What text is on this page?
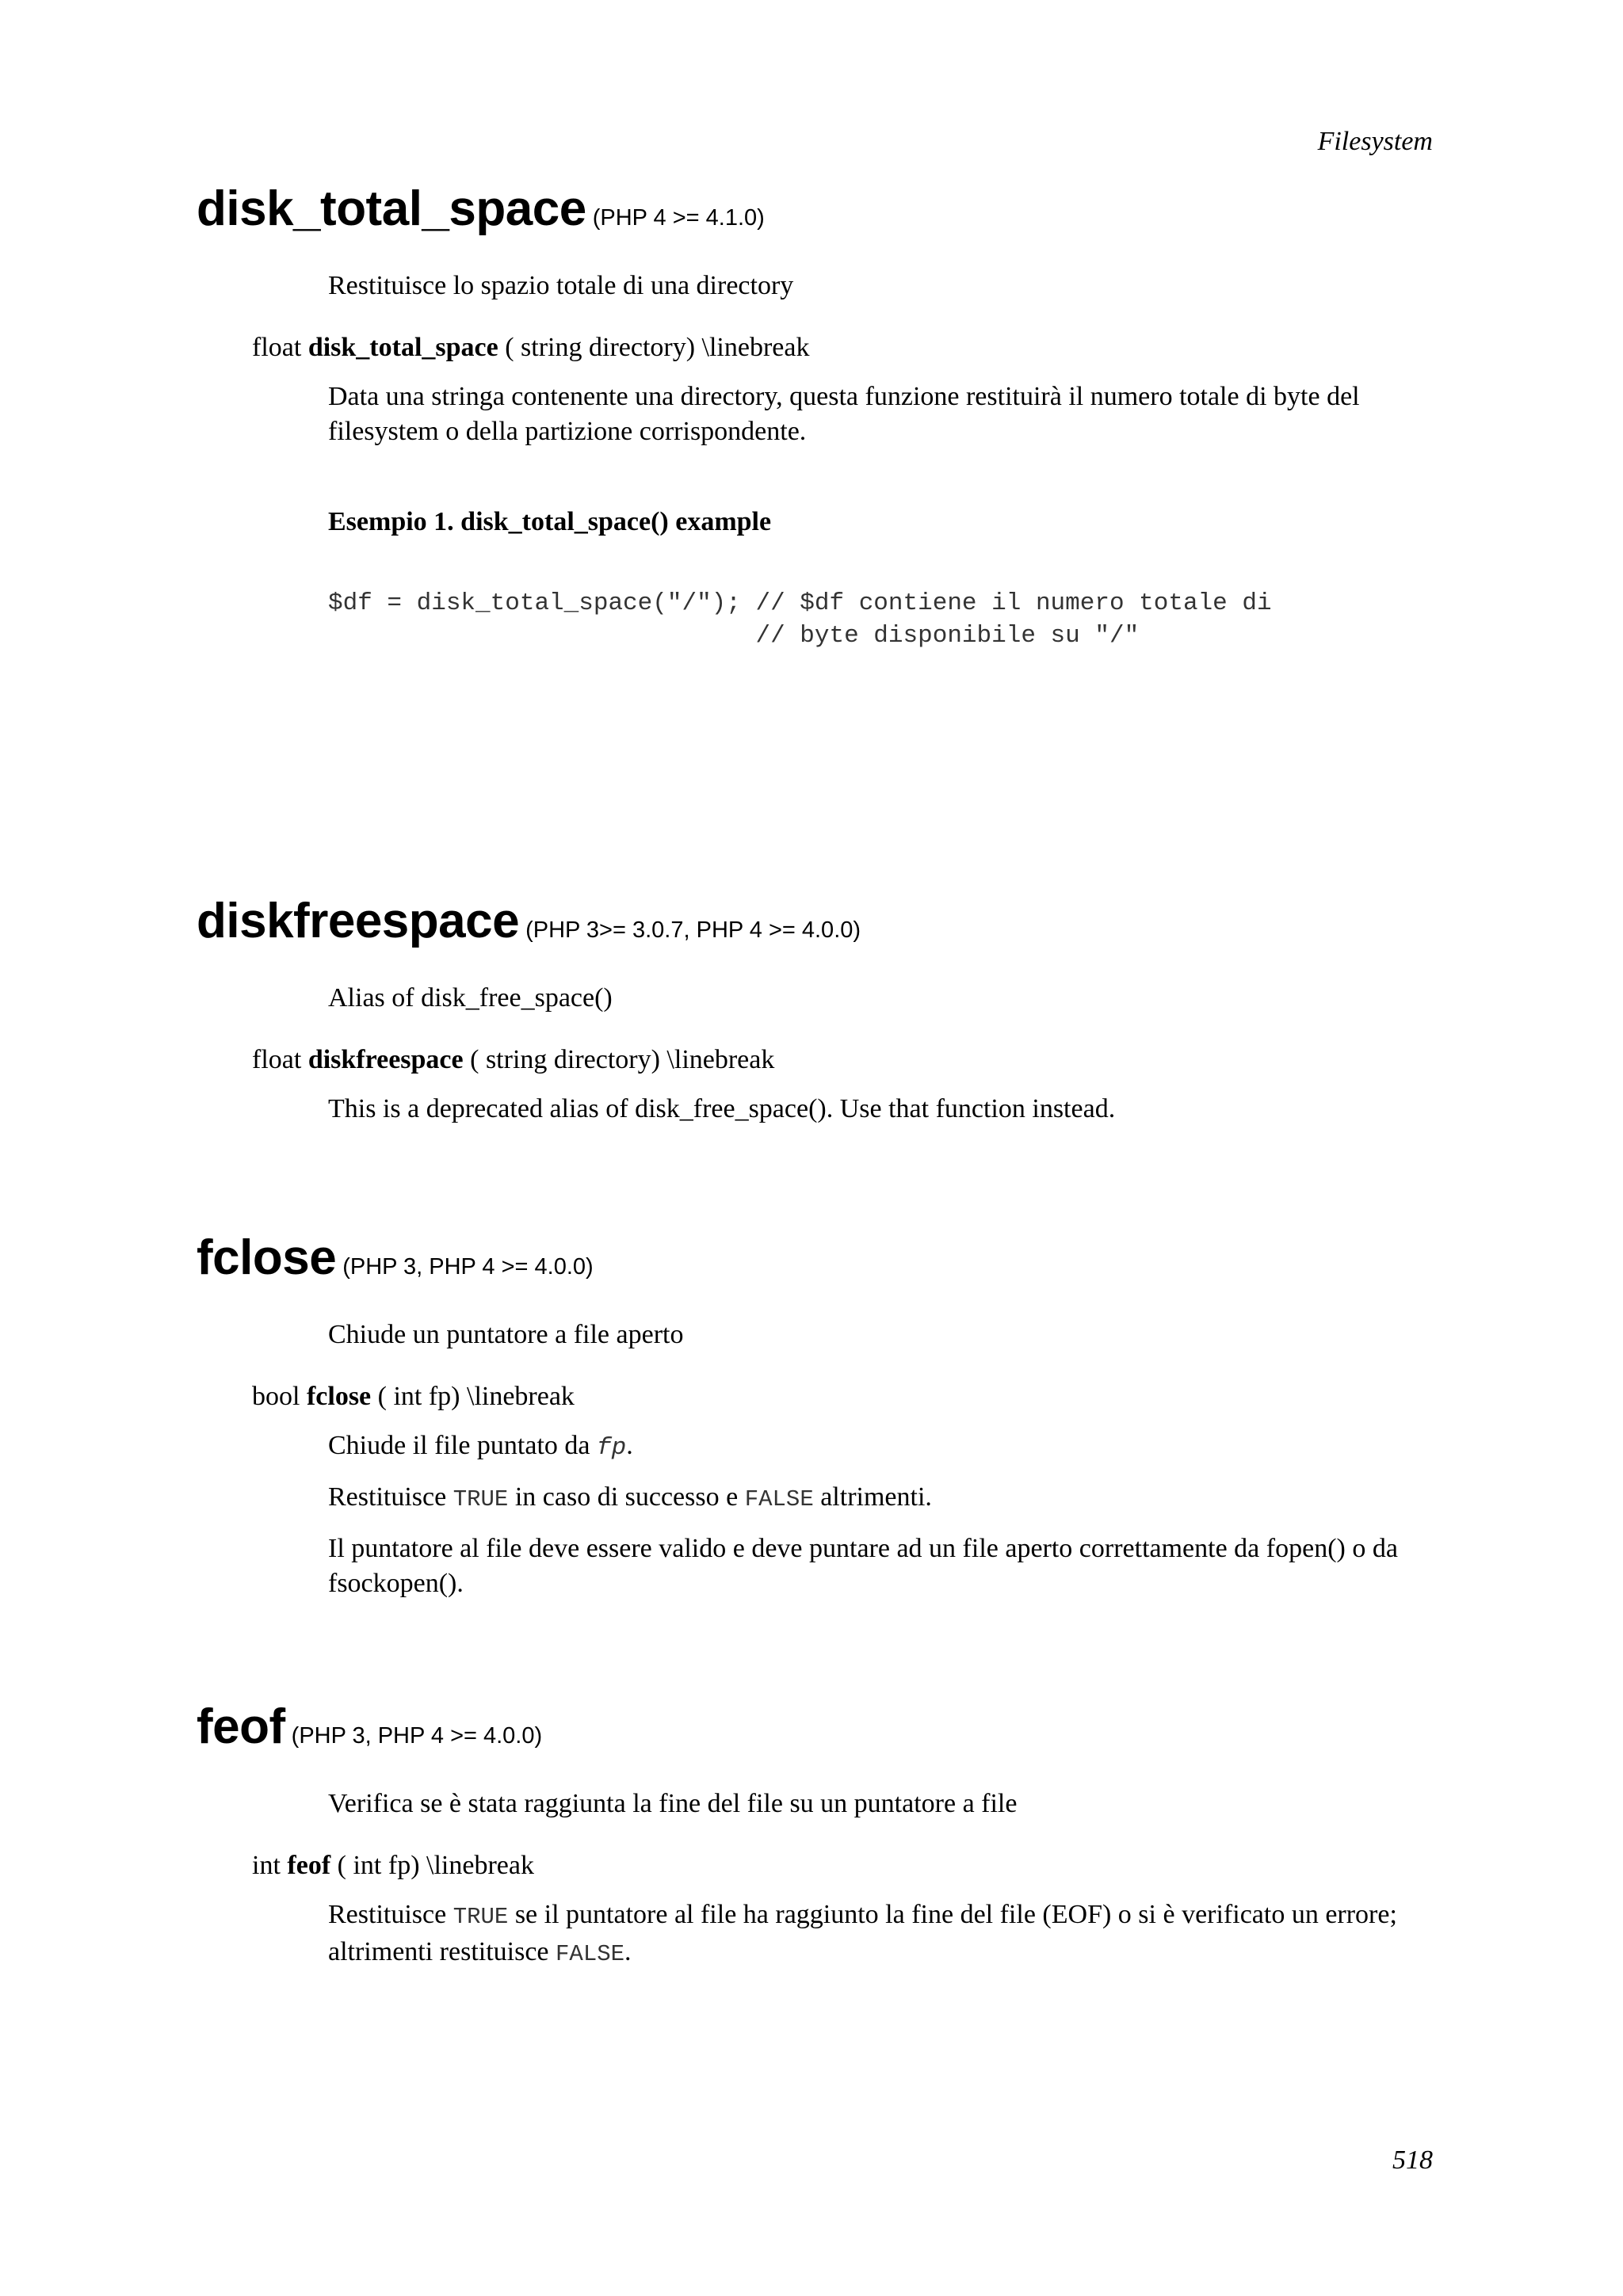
Filesystem
disk_total_space (PHP 4 >= 4.1.0)
Restituisce lo spazio totale di una directory
float disk_total_space ( string directory) \linebreak
Data una stringa contenente una directory, questa funzione restituirà il numero totale di byte del filesystem o della partizione corrispondente.
Esempio 1. disk_total_space() example
$df = disk_total_space("/"); // $df contiene il numero totale di
// byte disponibile su "/"
diskfreespace (PHP 3>= 3.0.7, PHP 4 >= 4.0.0)
Alias of disk_free_space()
float diskfreespace ( string directory) \linebreak
This is a deprecated alias of disk_free_space(). Use that function instead.
fclose (PHP 3, PHP 4 >= 4.0.0)
Chiude un puntatore a file aperto
bool fclose ( int fp) \linebreak
Chiude il file puntato da fp.
Restituisce TRUE in caso di successo e FALSE altrimenti.
Il puntatore al file deve essere valido e deve puntare ad un file aperto correttamente da fopen() o da fsockopen().
feof (PHP 3, PHP 4 >= 4.0.0)
Verifica se è stata raggiunta la fine del file su un puntatore a file
int feof ( int fp) \linebreak
Restituisce TRUE se il puntatore al file ha raggiunto la fine del file (EOF) o si è verificato un errore; altrimenti restituisce FALSE.
518
